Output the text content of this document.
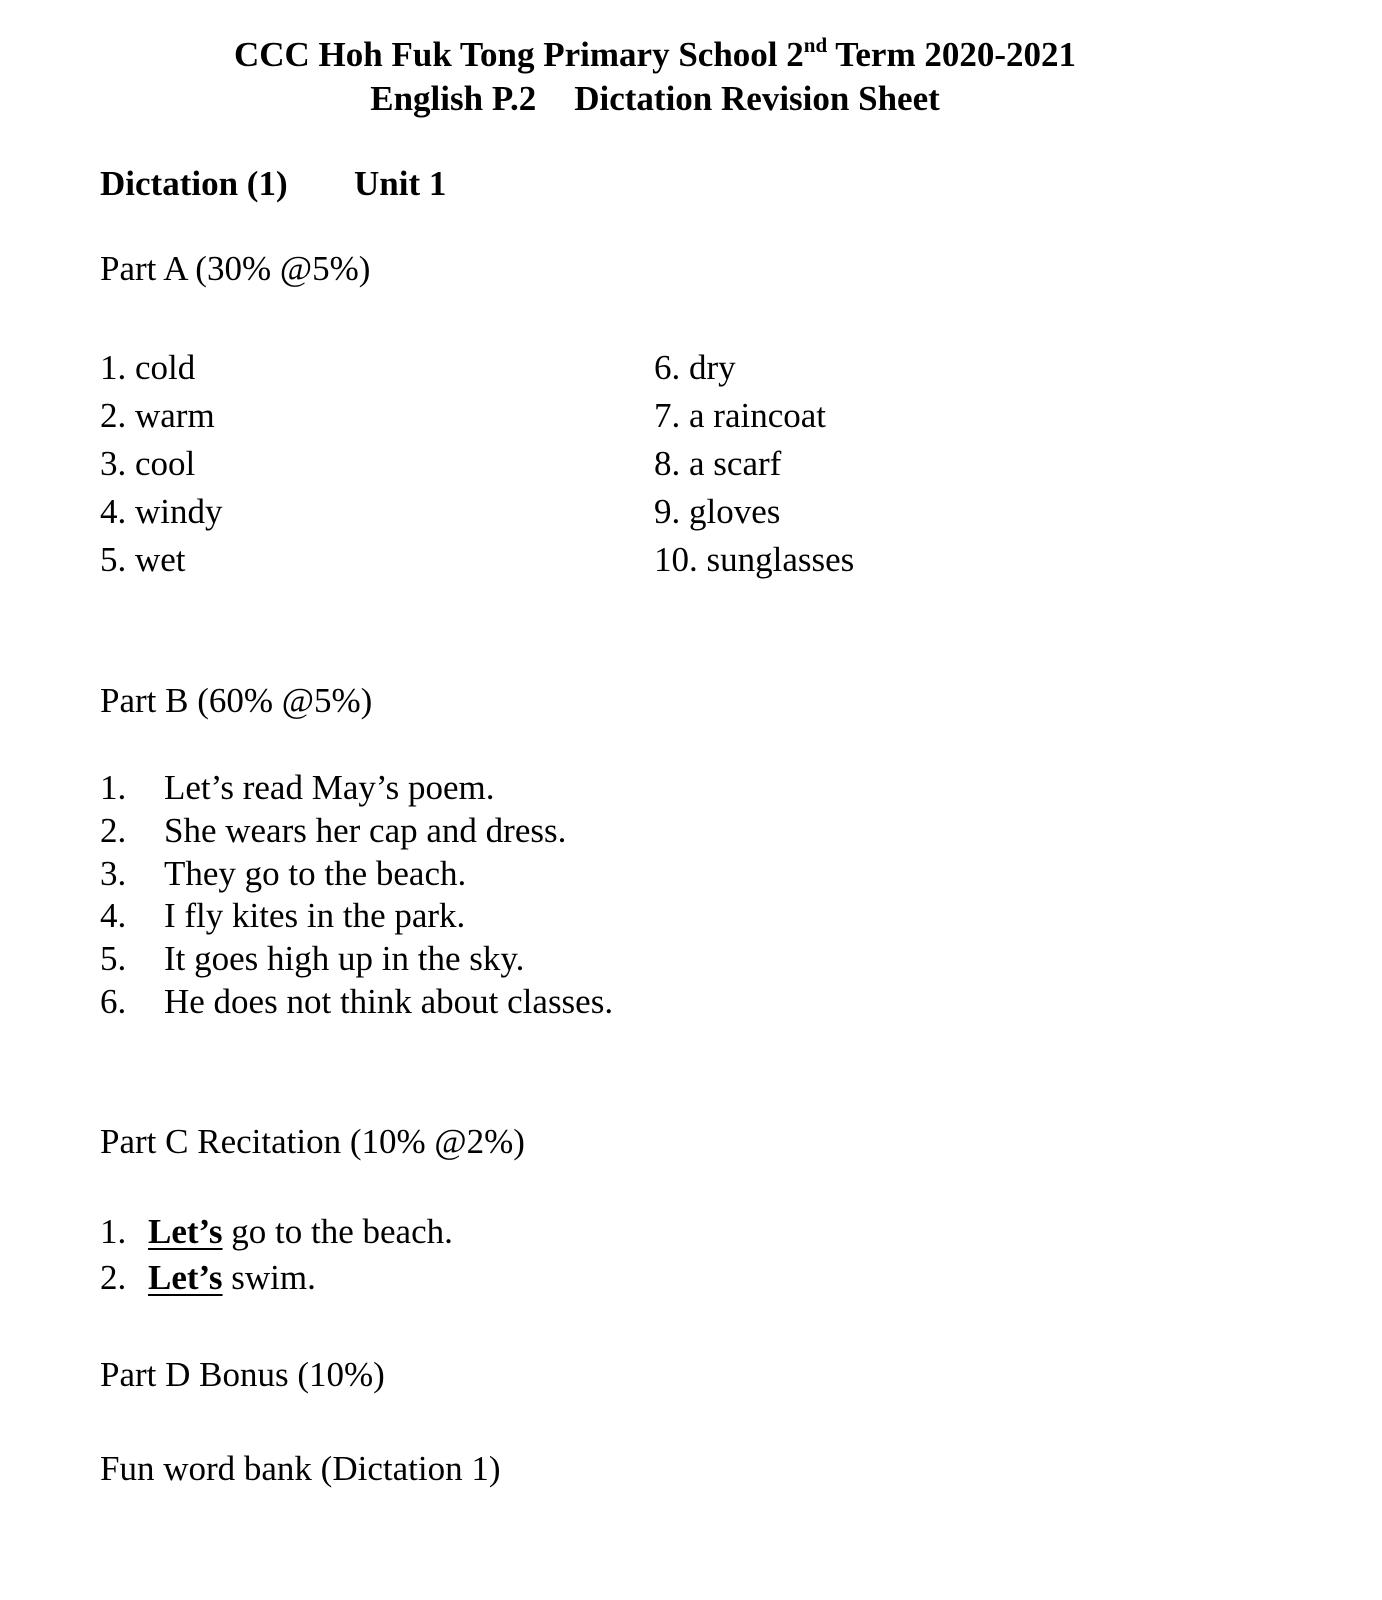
CCC Hoh Fuk Tong Primary School 2nd Term 2020-2021
English P.2 Dictation Revision Sheet
Dictation (1) Unit 1
Part A (30% @5%)
1. cold
2. warm
3. cool
4. windy
5. wet
6. dry
7. a raincoat
8. a scarf
9. gloves
10. sunglasses
Part B (60% @5%)
1.	Let’s read May’s poem.
2.	She wears her cap and dress.
3.	They go to the beach.
4.	I fly kites in the park.
5.	It goes high up in the sky.
6.	He does not think about classes.
Part C Recitation (10% @2%)
1. Let’s go to the beach.
2. Let’s swim.
Part D Bonus (10%)
Fun word bank (Dictation 1)
